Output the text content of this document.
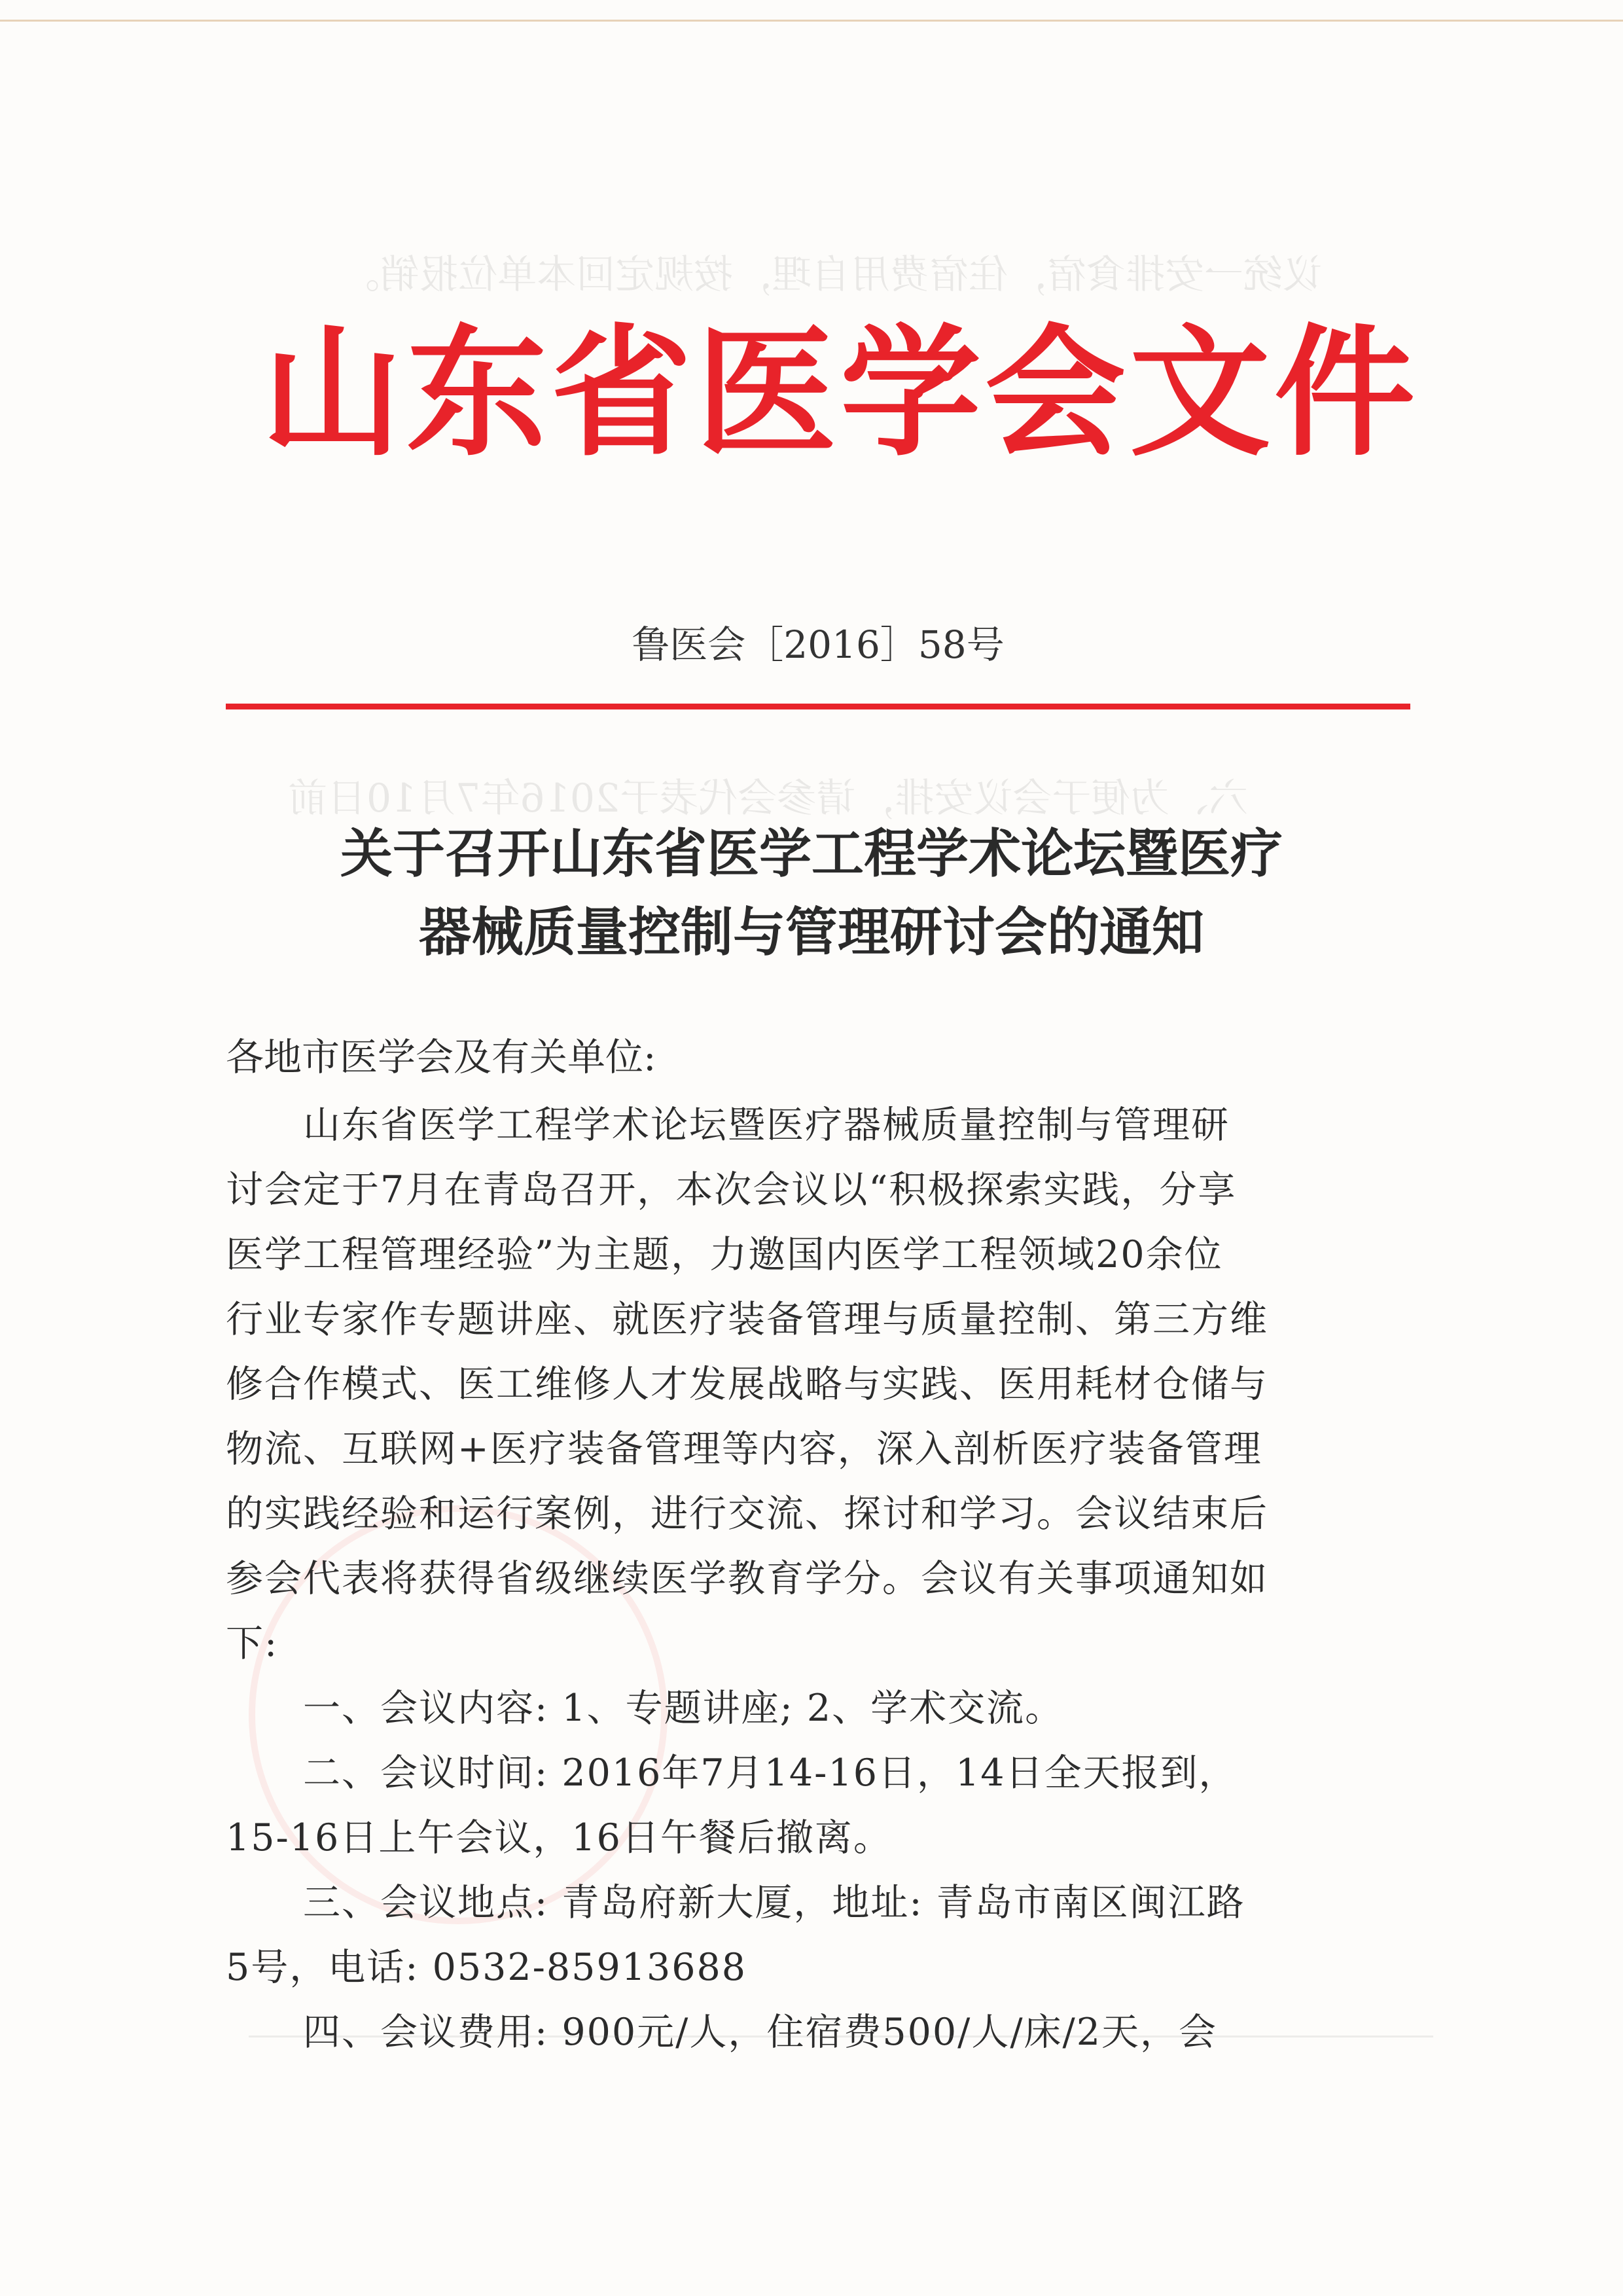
议统一安排食宿，住宿费用自理，按规定回本单位报销。
六、为便于会议安排，请参会代表于2016年7月10日前
山东省医学会文件
鲁医会［2016］58号
关于召开山东省医学工程学术论坛暨医疗
器械质量控制与管理研讨会的通知
各地市医学会及有关单位:
山东省医学工程学术论坛暨医疗器械质量控制与管理研
讨会定于7月在青岛召开，本次会议以“积极探索实践，分享
医学工程管理经验”为主题，力邀国内医学工程领域20余位
行业专家作专题讲座、就医疗装备管理与质量控制、第三方维
修合作模式、医工维修人才发展战略与实践、医用耗材仓储与
物流、互联网+医疗装备管理等内容，深入剖析医疗装备管理
的实践经验和运行案例，进行交流、探讨和学习。会议结束后
参会代表将获得省级继续医学教育学分。会议有关事项通知如
下:
一、会议内容: 1、专题讲座; 2、学术交流。
二、会议时间: 2016年7月14-16日，14日全天报到，
15-16日上午会议，16日午餐后撤离。
三、会议地点: 青岛府新大厦，地址: 青岛市南区闽江路
5号，电话: 0532-85913688
四、会议费用: 900元/人，住宿费500/人/床/2天，会
